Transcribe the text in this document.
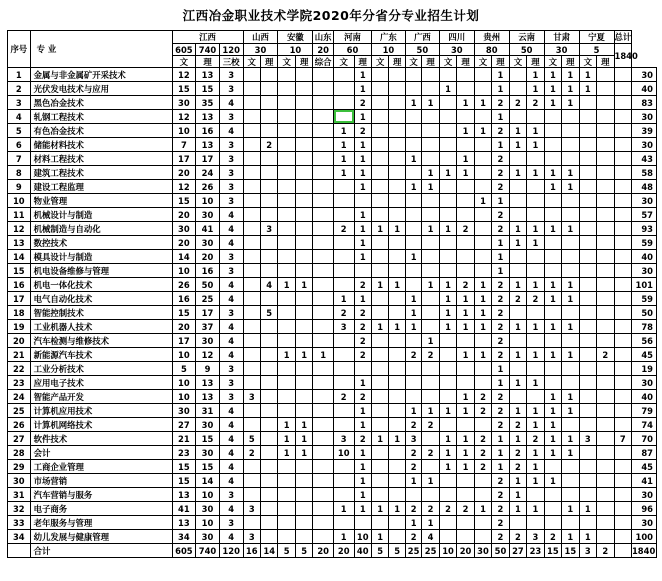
江西冶金职业技术学院2020年分省分专业招生计划
序号	专 业	江西			山西		安徽		山东	河南		广东		广西		四川		贵州		云南		甘肃		宁夏		总计	
		605	740	120	30		10		20	60		10		50		30		80		50		30		5		1840	
		文	理	三校	文	理	文	理	综合	文	理	文	理	文	理	文	理	文	理	文	理	文	理	文	理		
1	金属与非金属矿开采技术	12	13	3							1								1		1	1	1	1			30
2	光伏发电技术与应用	15	15	3							1					1			1		1	1	1	1			40
3	黑色冶金技术	30	35	4							2			1	1		1	1	2	2	2	1	1				83
4	轧钢工程技术	12	13	3							1								1								30
5	有色冶金技术	10	16	4						1	2						1	1	2	1	1						39
6	储能材料技术	7	13	3		2				1	1								1	1	1						30
7	材料工程技术	17	17	3						1	1			1			1		2								43
8	建筑工程技术	20	24	3						1	1				1	1	1		2	1	1	1	1				58
9	建设工程监理	12	26	3							1			1	1				2			1	1				48
10	物业管理	15	10	3														1	1								30
11	机械设计与制造	20	30	4							1								2								57
12	机械制造与自动化	30	41	4		3				2	1	1	1		1	1	2		2	1	1	1	1				93
13	数控技术	20	30	4							1								1	1	1						59
14	模具设计与制造	14	20	3							1			1					1								40
15	机电设备维修与管理	10	16	3															1								30
16	机电一体化技术	26	50	4		4	1	1			2	1	1		1	1	2	1	2	1	1	1	1				101
17	电气自动化技术	16	25	4						1	1			1		1	1	1	2	2	2	1	1				59
18	智能控制技术	15	17	3		5				2	2			1		1	1	1	2								50
19	工业机器人技术	20	37	4						3	2	1	1	1		1	1	1	2	1	1	1	1				78
20	汽车检测与维修技术	17	30	4							2				1				2								56
21	新能源汽车技术	10	12	4			1	1	1		2			2	2		1	1	2	1	1	1	1		2		45
22	工业分析技术	5	9	3															1								19
23	应用电子技术	10	13	3							1								1	1	1						30
24	智能产品开发	10	13	3	3					2	2						1	2	2			1	1				40
25	计算机应用技术	30	31	4							1			1	1	1	1	2	2	1	1	1	1				79
26	计算机网络技术	27	30	4			1	1			1			2	2				2	2	1	1					74
27	软件技术	21	15	4	5		1	1		3	2	1	1	3		1	1	2	1	1	2	1	1	3		7	70
28	会计	23	30	4	2		1	1		10	1			2	2	1	1	2	1	2	1	1	1				87
29	工商企业管理	15	15	4							1			2		1	1	2	1	2	1						45
30	市场营销	15	14	4							1			1	1				2	1	1	1					41
31	汽车营销与服务	13	10	3							1								2	1							30
32	电子商务	41	30	4	3					1	1	1	1	2	2	2	2	1	2	1	1		1	1			96
33	老年服务与管理	13	10	3										1	1				2								30
34	幼儿发展与健康管理	34	30	4	3					1	10	1		2	4				2	2	3	2	1	1			100
	合计	605	740	120	16	14	5	5	20	20	40	5	5	25	25	10	20	30	50	27	23	15	15	3	2		1840
